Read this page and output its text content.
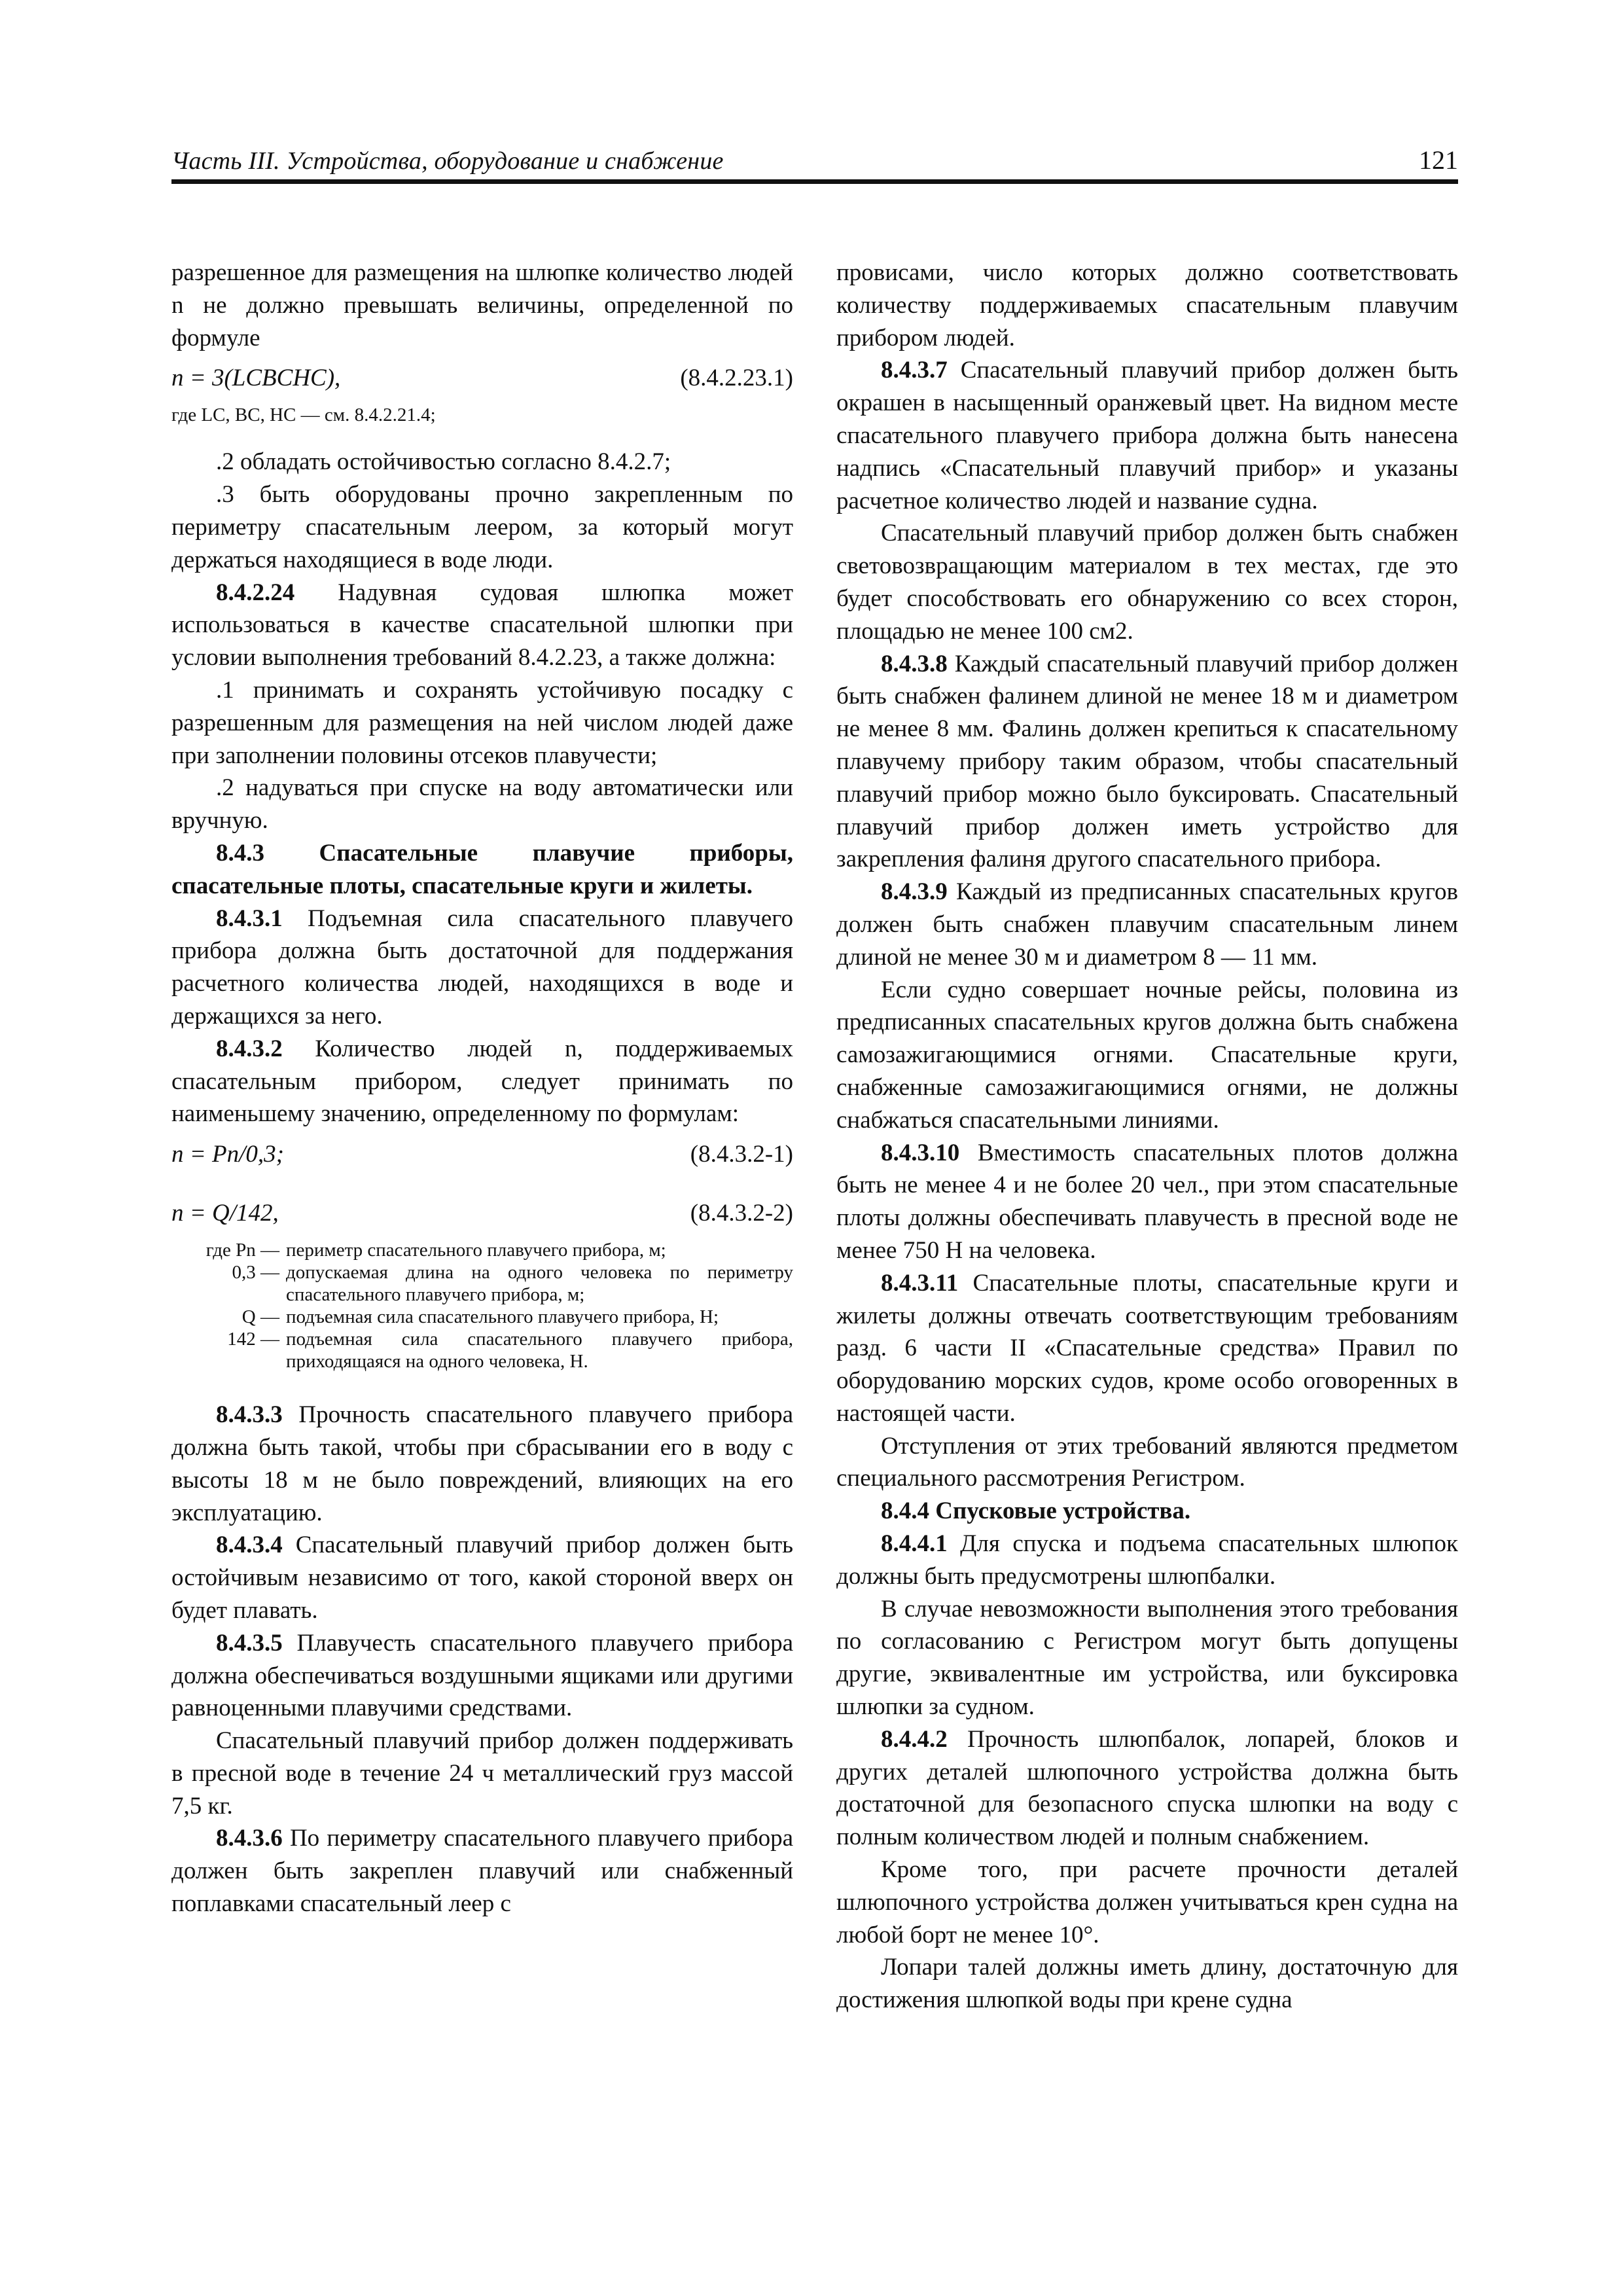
Часть III. Устройства, оборудование и снабжение	121

разрешенное для размещения на шлюпке количество людей n не должно превышать величины, определенной по формуле

n = 3(LCBCHC),	(8.4.2.23.1)

где LC, BC, HC — см. 8.4.2.21.4;

.2 обладать остойчивостью согласно 8.4.2.7;

.3 быть оборудованы прочно закрепленным по периметру спасательным леером, за который могут держаться находящиеся в воде люди.

8.4.2.24 Надувная судовая шлюпка может использоваться в качестве спасательной шлюпки при условии выполнения требований 8.4.2.23, а также должна:

.1 принимать и сохранять устойчивую посадку с разрешенным для размещения на ней числом людей даже при заполнении половины отсеков плавучести;

.2 надуваться при спуске на воду автоматически или вручную.

8.4.3 Спасательные плавучие приборы, спасательные плоты, спасательные круги и жилеты.

8.4.3.1 Подъемная сила спасательного плавучего прибора должна быть достаточной для поддержания расчетного количества людей, находящихся в воде и держащихся за него.

8.4.3.2 Количество людей n, поддерживаемых спасательным прибором, следует принимать по наименьшему значению, определенному по формулам:

n = Pn/0,3;	(8.4.3.2-1)
n = Q/142,	(8.4.3.2-2)
где Pn — периметр спасательного плавучего прибора, м;
0,3 — допускаемая длина на одного человека по периметру спасательного плавучего прибора, м;
Q — подъемная сила спасательного плавучего прибора, Н;
142 — подъемная сила спасательного плавучего прибора, приходящаяся на одного человека, Н.

8.4.3.3 Прочность спасательного плавучего прибора должна быть такой, чтобы при сбрасывании его в воду с высоты 18 м не было повреждений, влияющих на его эксплуатацию.

8.4.3.4 Спасательный плавучий прибор должен быть остойчивым независимо от того, какой стороной вверх он будет плавать.

8.4.3.5 Плавучесть спасательного плавучего прибора должна обеспечиваться воздушными ящиками или другими равноценными плавучими средствами.

Спасательный плавучий прибор должен поддерживать в пресной воде в течение 24 ч металлический груз массой 7,5 кг.

8.4.3.6 По периметру спасательного плавучего прибора должен быть закреплен плавучий или снабженный поплавками спасательный леер с

провисами, число которых должно соответствовать количеству поддерживаемых спасательным плавучим прибором людей.

8.4.3.7 Спасательный плавучий прибор должен быть окрашен в насыщенный оранжевый цвет. На видном месте спасательного плавучего прибора должна быть нанесена надпись «Спасательный плавучий прибор» и указаны расчетное количество людей и название судна.

Спасательный плавучий прибор должен быть снабжен световозвращающим материалом в тех местах, где это будет способствовать его обнаружению со всех сторон, площадью не менее 100 см2.

8.4.3.8 Каждый спасательный плавучий прибор должен быть снабжен фалинем длиной не менее 18 м и диаметром не менее 8 мм. Фалинь должен крепиться к спасательному плавучему прибору таким образом, чтобы спасательный плавучий прибор можно было буксировать. Спасательный плавучий прибор должен иметь устройство для закрепления фалиня другого спасательного прибора.

8.4.3.9 Каждый из предписанных спасательных кругов должен быть снабжен плавучим спасательным линем длиной не менее 30 м и диаметром 8 — 11 мм.

Если судно совершает ночные рейсы, половина из предписанных спасательных кругов должна быть снабжена самозажигающимися огнями. Спасательные круги, снабженные самозажигающимися огнями, не должны снабжаться спасательными линиями.

8.4.3.10 Вместимость спасательных плотов должна быть не менее 4 и не более 20 чел., при этом спасательные плоты должны обеспечивать плавучесть в пресной воде не менее 750 Н на человека.

8.4.3.11 Спасательные плоты, спасательные круги и жилеты должны отвечать соответствующим требованиям разд. 6 части II «Спасательные средства» Правил по оборудованию морских судов, кроме особо оговоренных в настоящей части.

Отступления от этих требований являются предметом специального рассмотрения Регистром.

8.4.4 Спусковые устройства.

8.4.4.1 Для спуска и подъема спасательных шлюпок должны быть предусмотрены шлюпбалки.

В случае невозможности выполнения этого требования по согласованию с Регистром могут быть допущены другие, эквивалентные им устройства, или буксировка шлюпки за судном.

8.4.4.2 Прочность шлюпбалок, лопарей, блоков и других деталей шлюпочного устройства должна быть достаточной для безопасного спуска шлюпки на воду с полным количеством людей и полным снабжением.

Кроме того, при расчете прочности деталей шлюпочного устройства должен учитываться крен судна на любой борт не менее 10°.

Лопари талей должны иметь длину, достаточную для достижения шлюпкой воды при крене судна
